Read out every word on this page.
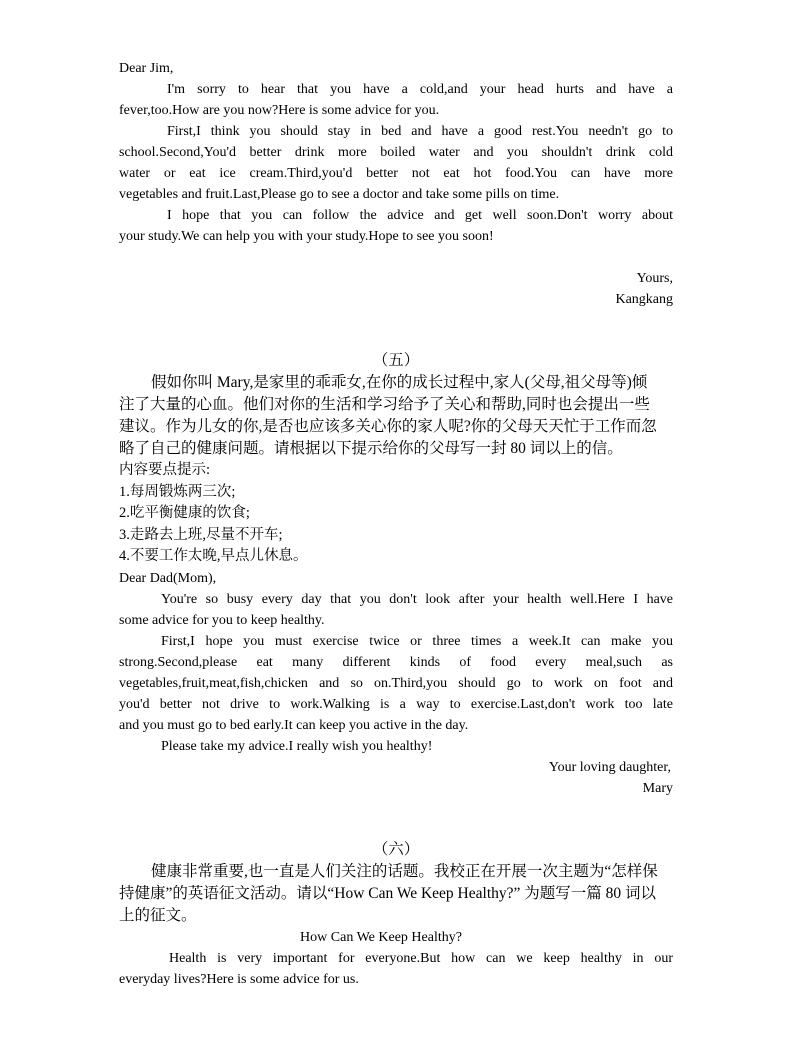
Dear Jim,
I'm sorry to hear that you have a cold,and your head hurts and have a
fever,too.How are you now?Here is some advice for you.
First,I think you should stay in bed and have a good rest.You needn't go to
school.Second,You'd better drink more boiled water and you shouldn't drink cold
water or eat ice cream.Third,you'd better not eat hot food.You can have more
vegetables and fruit.Last,Please go to see a doctor and take some pills on time.
I hope that you can follow the advice and get well soon.Don't worry about
your study.We can help you with your study.Hope to see you soon!
Yours,
Kangkang
（五）
假如你叫 Mary,是家里的乖乖女,在你的成长过程中,家人(父母,祖父母等)倾
注了大量的心血。他们对你的生活和学习给予了关心和帮助,同时也会提出一些
建议。作为儿女的你,是否也应该多关心你的家人呢?你的父母天天忙于工作而忽
略了自己的健康问题。请根据以下提示给你的父母写一封 80 词以上的信。
内容要点提示:
1.每周锻炼两三次;
2.吃平衡健康的饮食;
3.走路去上班,尽量不开车;
4.不要工作太晚,早点儿休息。
Dear Dad(Mom),
You're so busy every day that you don't look after your health well.Here I have
some advice for you to keep healthy.
First,I hope you must exercise twice or three times a week.It can make you
strong.Second,please eat many different kinds of food every meal,such as
vegetables,fruit,meat,fish,chicken and so on.Third,you should go to work on foot and
you'd better not drive to work.Walking is a way to exercise.Last,don't work too late
and you must go to bed early.It can keep you active in the day.
Please take my advice.I really wish you healthy!
Your loving daughter,
Mary
（六）
健康非常重要,也一直是人们关注的话题。我校正在开展一次主题为“怎样保
持健康”的英语征文活动。请以“How Can We Keep Healthy?” 为题写一篇 80 词以
上的征文。
How Can We Keep Healthy?
Health is very important for everyone.But how can we keep healthy in our
everyday lives?Here is some advice for us.
